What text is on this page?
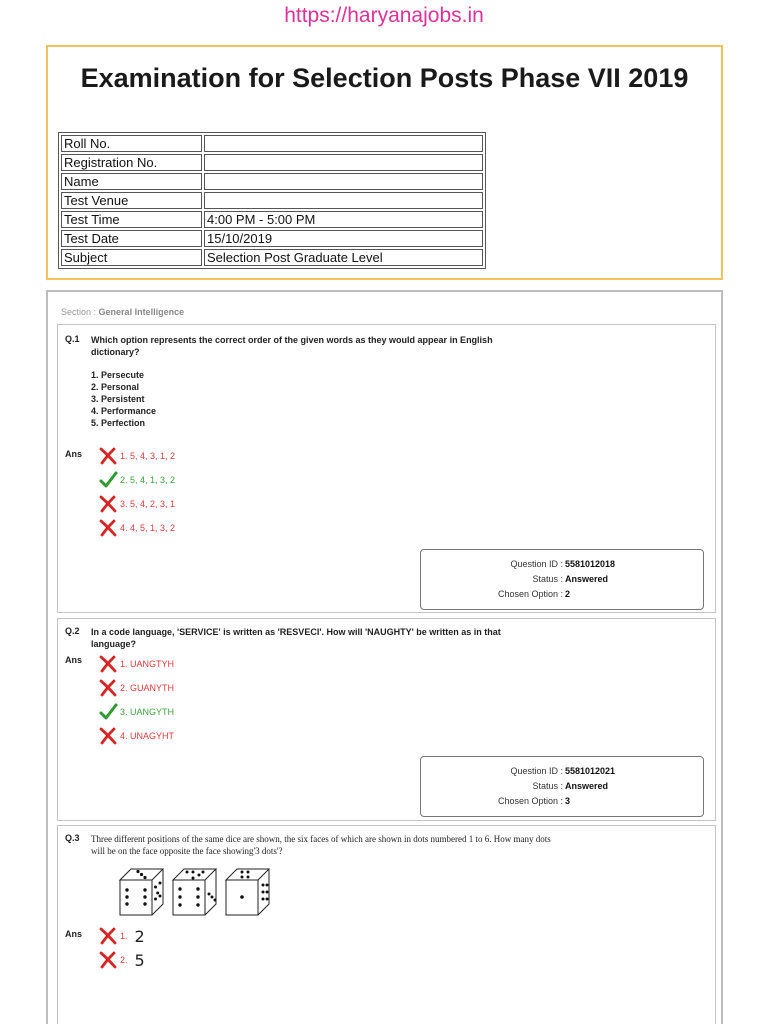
https://haryanajobs.in
Examination for Selection Posts Phase VII 2019
Roll No.	
Registration No.	
Name	
Test Venue	
Test Time	4:00 PM - 5:00 PM
Test Date	15/10/2019
Subject	Selection Post Graduate Level
Section : General Intelligence
Q.1 Which option represents the correct order of the given words as they would appear in English dictionary?
1. Persecute
2. Personal
3. Persistent
4. Performance
5. Perfection
Ans	1. 5, 4, 3, 1, 2
2. 5, 4, 1, 3, 2
3. 5, 4, 2, 3, 1
4. 4, 5, 1, 3, 2
Question ID : 5581012018
Status : Answered
Chosen Option : 2
Q.2 In a code language, 'SERVICE' is written as 'RESVECI'. How will 'NAUGHTY' be written as in that language?
Ans	1. UANGTYH
2. GUANYTH
3. UANGYTH
4. UNAGYHT
Question ID : 5581012021
Status : Answered
Chosen Option : 3
Q.3 Three different positions of the same dice are shown, the six faces of which are shown in dots numbered 1 to 6. How many dots will be on the face opposite the face showing'3 dots'?
Ans	1. 2
2. 5
